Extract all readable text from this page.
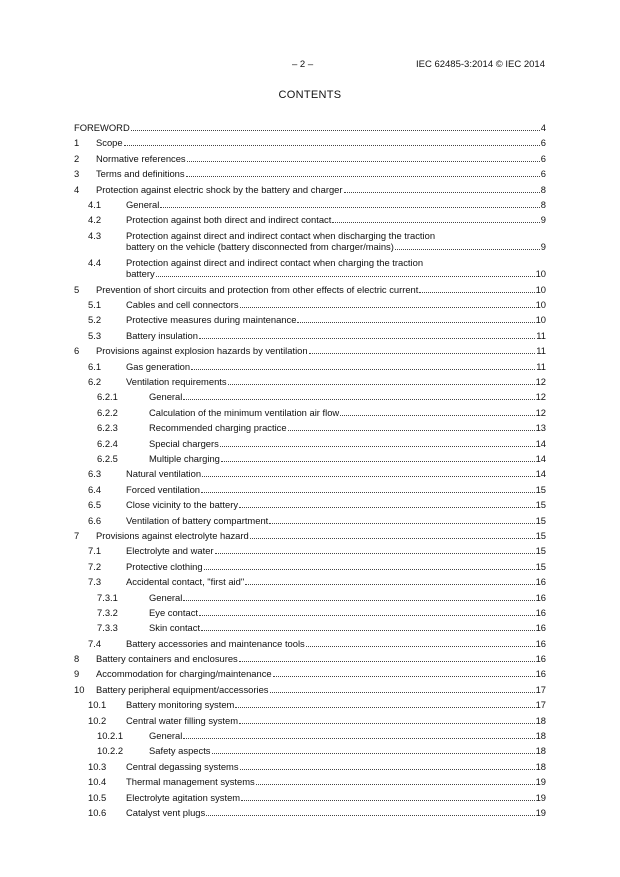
– 2 –	IEC 62485-3:2014 © IEC 2014
CONTENTS
FOREWORD	4
1 Scope	6
2 Normative references	6
3 Terms and definitions	6
4 Protection against electric shock by the battery and charger	8
4.1	General	8
4.2	Protection against both direct and indirect contact	9
4.3	Protection against direct and indirect contact when discharging the traction
battery on the vehicle (battery disconnected from charger/mains)	9
4.4	Protection against direct and indirect contact when charging the traction
battery	10
5 Prevention of short circuits and protection from other effects of electric current	10
5.1	Cables and cell connectors	10
5.2	Protective measures during maintenance	10
5.3	Battery insulation	11
6 Provisions against explosion hazards by ventilation	11
6.1	Gas generation	11
6.2	Ventilation requirements	12
6.2.1	General	12
6.2.2	Calculation of the minimum ventilation air flow	12
6.2.3	Recommended charging practice	13
6.2.4	Special chargers	14
6.2.5	Multiple charging	14
6.3	Natural ventilation	14
6.4	Forced ventilation	15
6.5	Close vicinity to the battery	15
6.6	Ventilation of battery compartment	15
7 Provisions against electrolyte hazard	15
7.1	Electrolyte and water	15
7.2	Protective clothing	15
7.3	Accidental contact, "first aid"	16
7.3.1	General	16
7.3.2	Eye contact	16
7.3.3	Skin contact	16
7.4	Battery accessories and maintenance tools	16
8 Battery containers and enclosures	16
9 Accommodation for charging/maintenance	16
10 Battery peripheral equipment/accessories	17
10.1 Battery monitoring system	17
10.2 Central water filling system	18
10.2.1	General	18
10.2.2	Safety aspects	18
10.3 Central degassing systems	18
10.4 Thermal management systems	19
10.5 Electrolyte agitation system	19
10.6 Catalyst vent plugs	19
